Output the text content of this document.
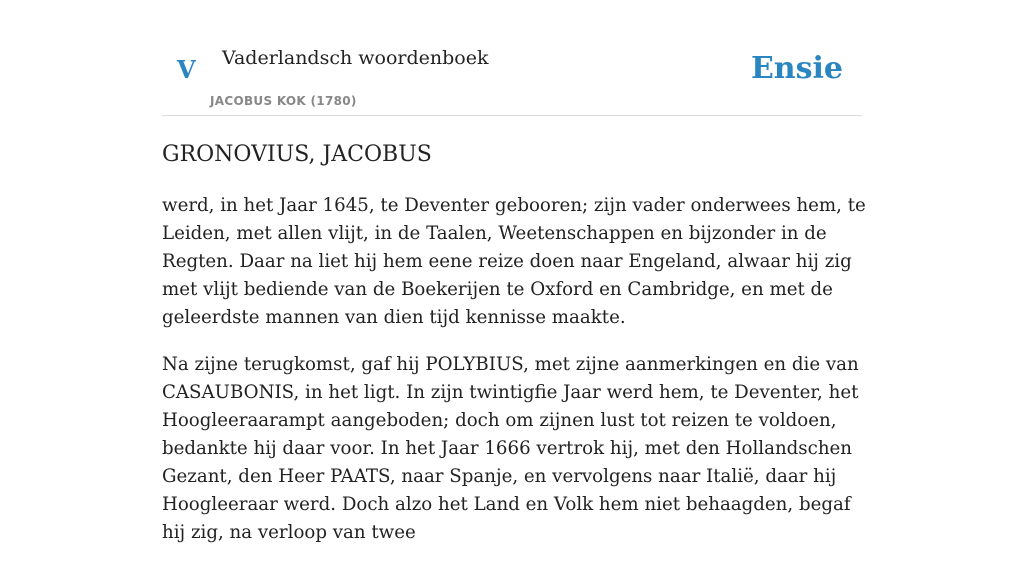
V Vaderlandsch woordenboek
JACOBUS KOK (1780)
Ensie
GRONOVIUS, JACOBUS

werd, in het Jaar 1645, te Deventer gebooren; zijn vader onderwees hem, te Leiden, met allen vlijt, in de Taalen, Weetenschappen en bijzonder in de Regten. Daar na liet hij hem eene reize doen naar Engeland, alwaar hij zig met vlijt bediende van de Boekerijen te Oxford en Cambridge, en met de geleerdste mannen van dien tijd kennisse maakte.

Na zijne terugkomst, gaf hij POLYBIUS, met zijne aanmerkingen en die van CASAUBONIS, in het ligt. In zijn twintigfie Jaar werd hem, te Deventer, het Hoogleeraarampt aangeboden; doch om zijnen lust tot reizen te voldoen, bedankte hij daar voor. In het Jaar 1666 vertrok hij, met den Hollandschen Gezant, den Heer PAATS, naar Spanje, en vervolgens naar Italië, daar hij Hoogleeraar werd. Doch alzo het Land en Volk hem niet behaagden, begaf hij zig, na verloop van twee
